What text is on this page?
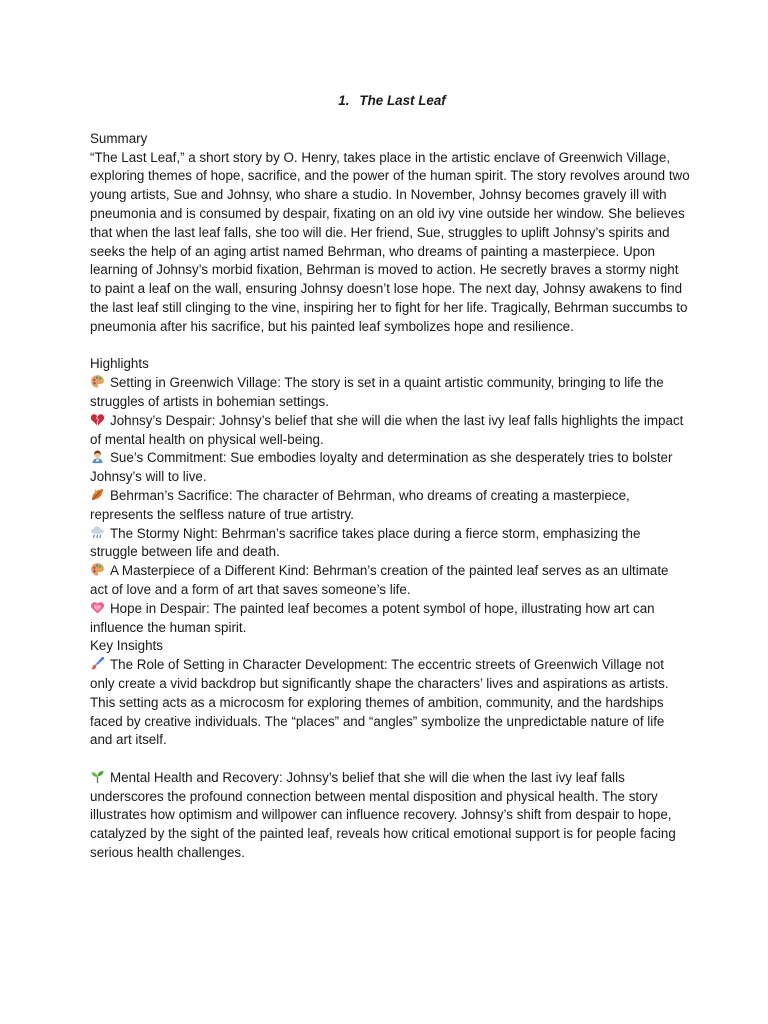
1. The Last Leaf
Summary
“The Last Leaf,” a short story by O. Henry, takes place in the artistic enclave of Greenwich Village, exploring themes of hope, sacrifice, and the power of the human spirit. The story revolves around two young artists, Sue and Johnsy, who share a studio. In November, Johnsy becomes gravely ill with pneumonia and is consumed by despair, fixating on an old ivy vine outside her window. She believes that when the last leaf falls, she too will die. Her friend, Sue, struggles to uplift Johnsy’s spirits and seeks the help of an aging artist named Behrman, who dreams of painting a masterpiece. Upon learning of Johnsy’s morbid fixation, Behrman is moved to action. He secretly braves a stormy night to paint a leaf on the wall, ensuring Johnsy doesn’t lose hope. The next day, Johnsy awakens to find the last leaf still clinging to the vine, inspiring her to fight for her life. Tragically, Behrman succumbs to pneumonia after his sacrifice, but his painted leaf symbolizes hope and resilience.
Highlights
Setting in Greenwich Village: The story is set in a quaint artistic community, bringing to life the struggles of artists in bohemian settings.
Johnsy’s Despair: Johnsy’s belief that she will die when the last ivy leaf falls highlights the impact of mental health on physical well-being.
Sue’s Commitment: Sue embodies loyalty and determination as she desperately tries to bolster Johnsy’s will to live.
Behrman’s Sacrifice: The character of Behrman, who dreams of creating a masterpiece, represents the selfless nature of true artistry.
The Stormy Night: Behrman’s sacrifice takes place during a fierce storm, emphasizing the struggle between life and death.
A Masterpiece of a Different Kind: Behrman’s creation of the painted leaf serves as an ultimate act of love and a form of art that saves someone’s life.
Hope in Despair: The painted leaf becomes a potent symbol of hope, illustrating how art can influence the human spirit.
Key Insights
The Role of Setting in Character Development: The eccentric streets of Greenwich Village not only create a vivid backdrop but significantly shape the characters’ lives and aspirations as artists. This setting acts as a microcosm for exploring themes of ambition, community, and the hardships faced by creative individuals. The “places” and “angles” symbolize the unpredictable nature of life and art itself.
Mental Health and Recovery: Johnsy’s belief that she will die when the last ivy leaf falls underscores the profound connection between mental disposition and physical health. The story illustrates how optimism and willpower can influence recovery. Johnsy’s shift from despair to hope, catalyzed by the sight of the painted leaf, reveals how critical emotional support is for people facing serious health challenges.
